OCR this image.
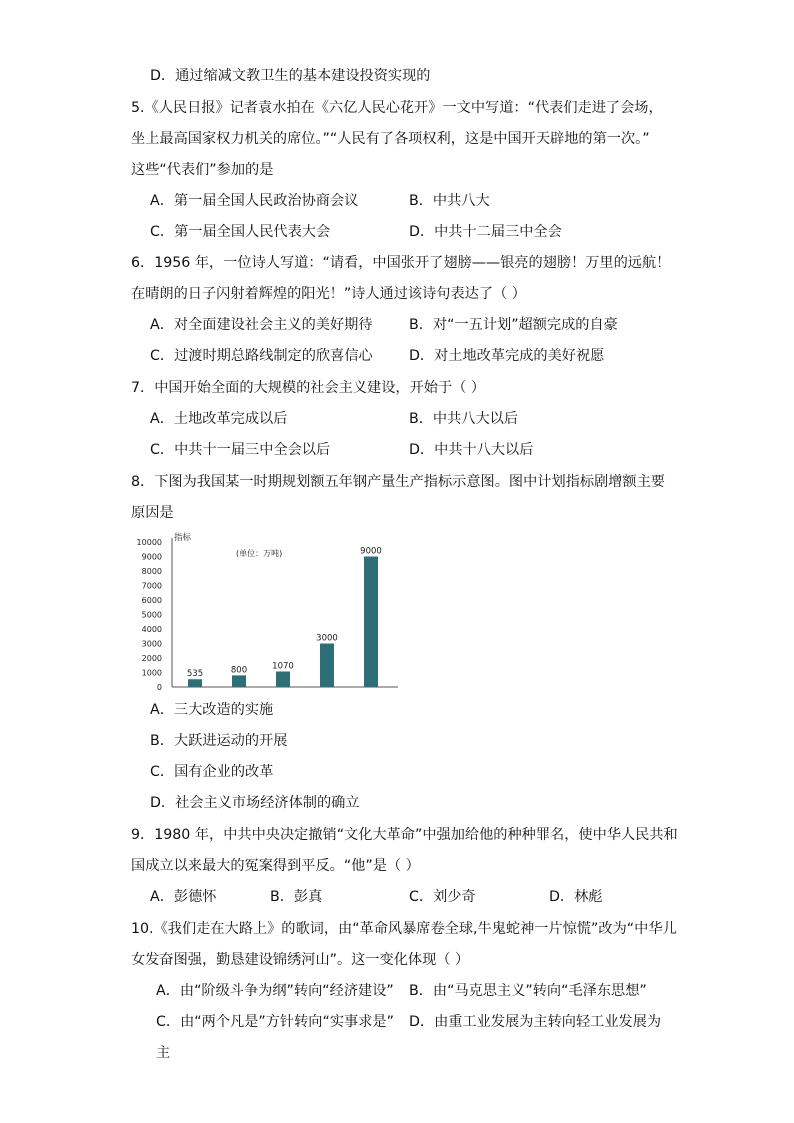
D．通过缩减文教卫生的基本建设投资实现的
5.《人民日报》记者袁水拍在《六亿人民心花开》一文中写道：“代表们走进了会场，
坐上最高国家权力机关的席位。”“人民有了各项权利，这是中国开天辟地的第一次。”
这些“代表们”参加的是
A．第一届全国人民政治协商会议	B．中共八大
C．第一届全国人民代表大会	D．中共十二届三中全会
6．1956 年，一位诗人写道：“请看，中国张开了翅膀——银亮的翅膀！万里的远航！
在晴朗的日子闪射着辉煌的阳光！”诗人通过该诗句表达了（ ）
A．对全面建设社会主义的美好期待	B．对“一五计划”超额完成的自豪
C．过渡时期总路线制定的欣喜信心	D．对土地改革完成的美好祝愿
7．中国开始全面的大规模的社会主义建设，开始于（ ）
A．土地改革完成以后	B．中共八大以后
C．中共十一届三中全会以后	D．中共十八大以后
8．下图为我国某一时期规划额五年钢产量生产指标示意图。图中计划指标剧增额主要
原因是
0
1000
2000
3000
4000
5000
6000
7000
8000
9000
10000 指标
(单位：万吨)
535	800	1070
3000
9000
A．三大改造的实施
B．大跃进运动的开展
C．国有企业的改革
D．社会主义市场经济体制的确立
9．1980 年，中共中央决定撤销“文化大革命”中强加给他的种种罪名，使中华人民共和
国成立以来最大的冤案得到平反。“他”是（ ）
A．彭德怀	B．彭真	C．刘少奇	D．林彪
10.《我们走在大路上》的歌词，由“革命风暴席卷全球,牛鬼蛇神一片惊慌”改为“中华儿
女发奋图强，勤恳建设锦绣河山”。这一变化体现（ ）
A．由“阶级斗争为纲”转向“经济建设” B．由“马克思主义”转向“毛泽东思想”
C．由“两个凡是”方针转向“实事求是” D．由重工业发展为主转向轻工业发展为
主
